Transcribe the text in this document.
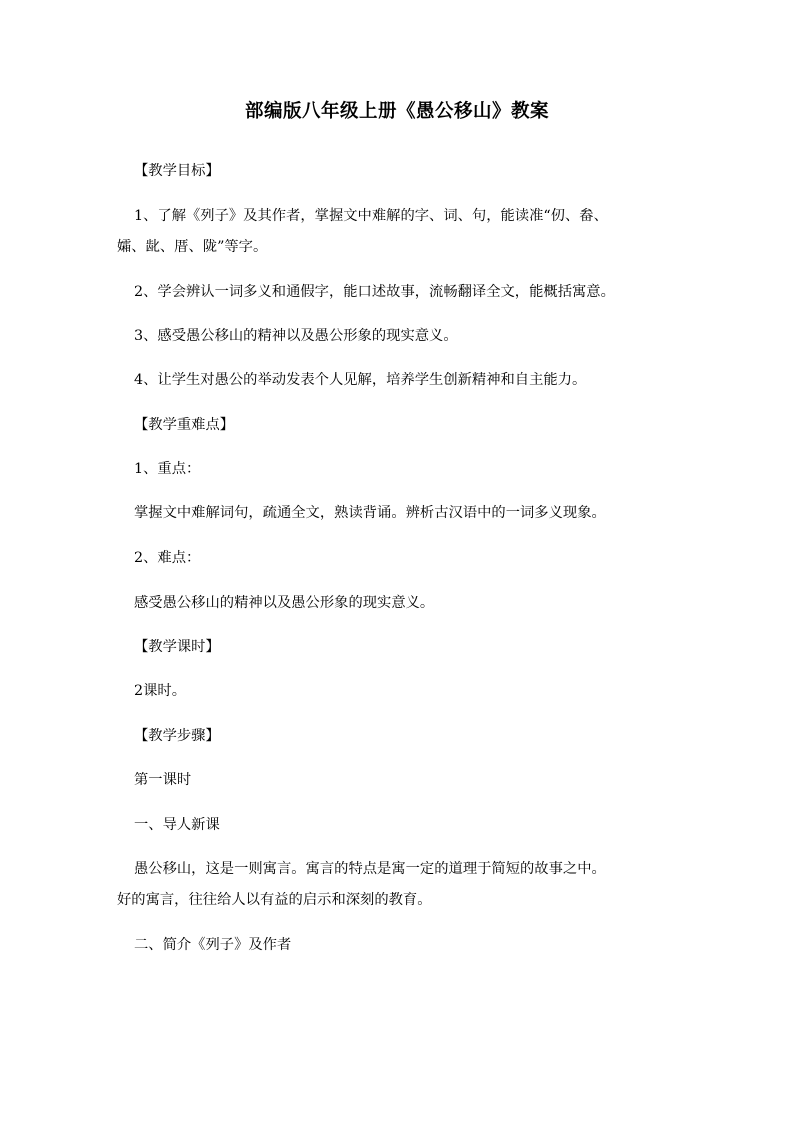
部编版八年级上册《愚公移山》教案
【教学目标】
1、了解《列子》及其作者，掌握文中难解的字、词、句，能读准“仞、畚、
孀、龀、厝、陇”等字。
2、学会辨认一词多义和通假字，能口述故事，流畅翻译全文，能概括寓意。
3、感受愚公移山的精神以及愚公形象的现实意义。
4、让学生对愚公的举动发表个人见解，培养学生创新精神和自主能力。
【教学重难点】
1、重点：
掌握文中难解词句，疏通全文，熟读背诵。辨析古汉语中的一词多义现象。
2、难点：
感受愚公移山的精神以及愚公形象的现实意义。
【教学课时】
2课时。
【教学步骤】
第一课时
一、导人新课
愚公移山，这是一则寓言。寓言的特点是寓一定的道理于简短的故事之中。
好的寓言，往往给人以有益的启示和深刻的教育。
二、简介《列子》及作者
